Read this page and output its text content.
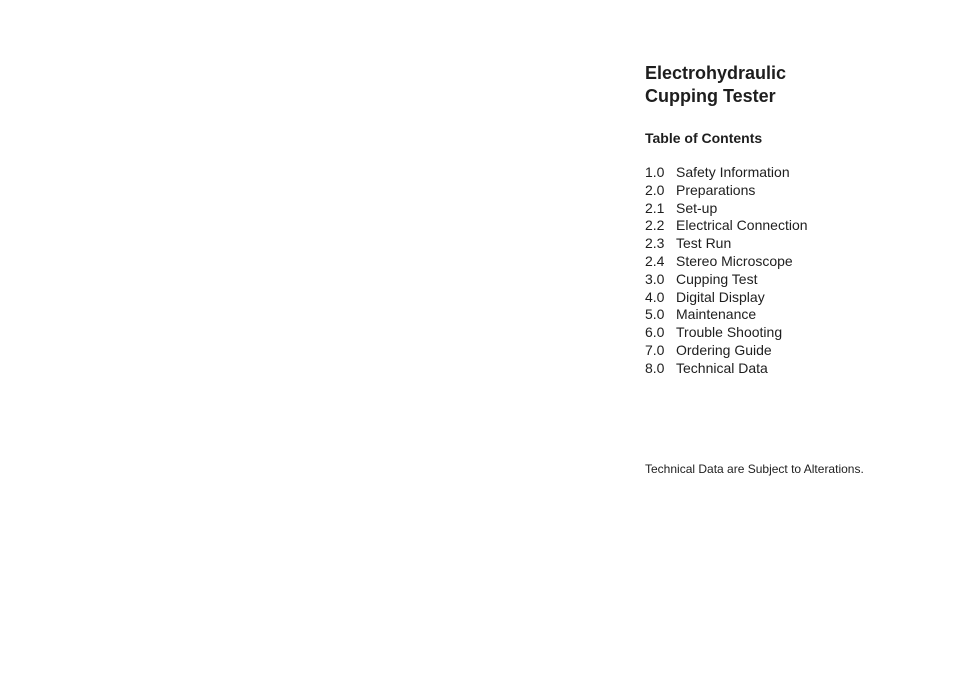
Electrohydraulic
Cupping Tester
Table of Contents
1.0 Safety Information
2.0 Preparations
2.1 Set-up
2.2 Electrical Connection
2.3 Test Run
2.4 Stereo Microscope
3.0 Cupping Test
4.0 Digital Display
5.0 Maintenance
6.0 Trouble Shooting
7.0 Ordering Guide
8.0 Technical Data

Technical Data are Subject to Alterations.
